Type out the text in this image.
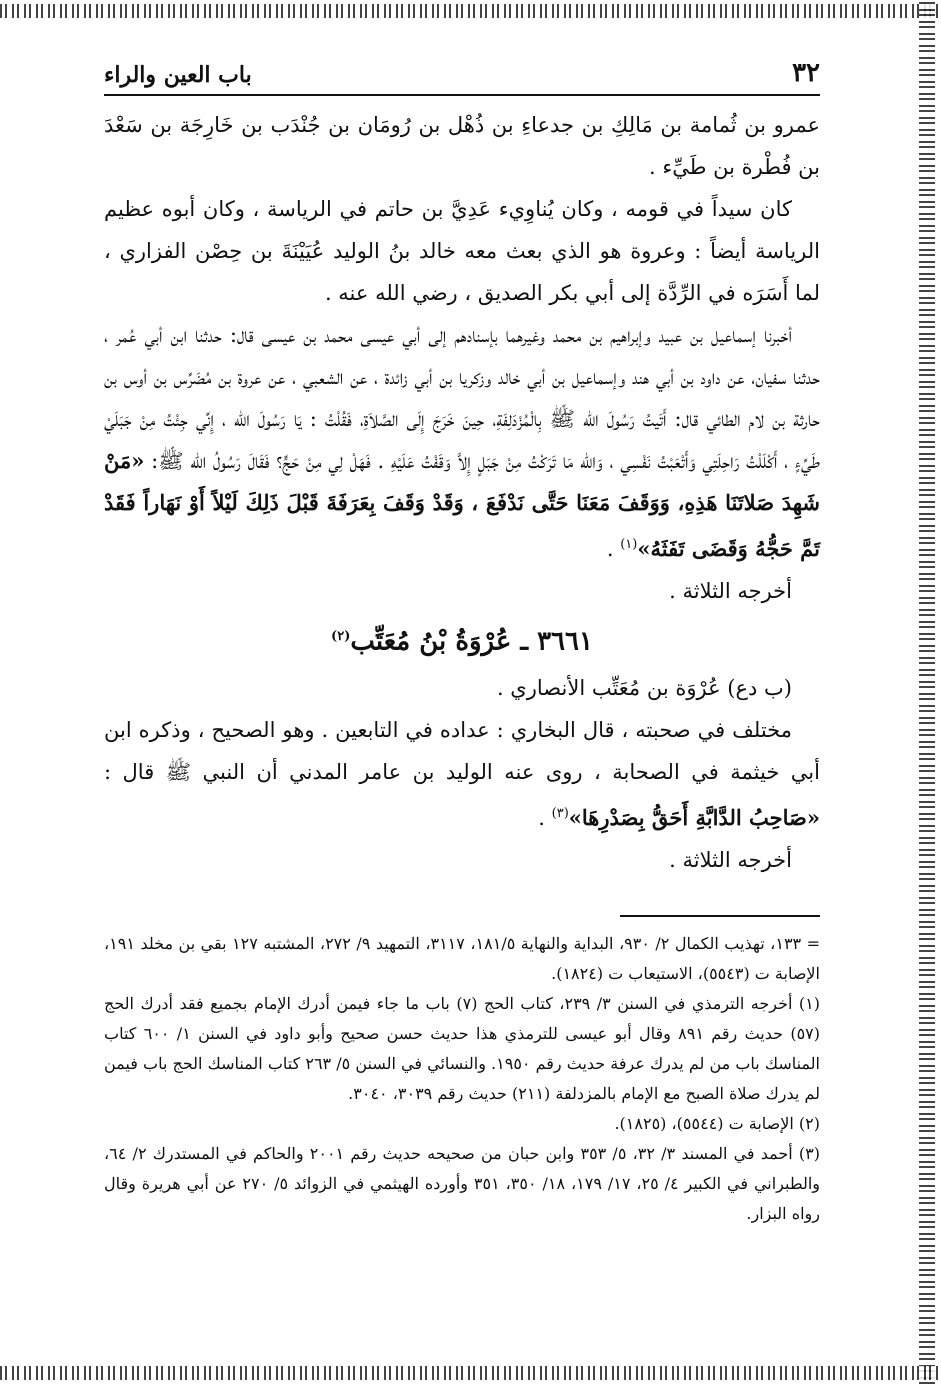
٣٢
باب العين والراء

عمرو بن ثُمامة بن مَالِكِ بن جدعاءِ بن ذُهْل بن رُومَان بن جُنْدَب بن خَارِجَة بن سَعْدَ بن فُطْرة بن طَيِّء .

كان سيداً في قومه ، وكان يُناوِيء عَدِيَّ بن حاتم في الرياسة ، وكان أبوه عظيم الرياسة أيضاً : وعروة هو الذي بعث معه خالد بنُ الوليد عُيَيْنَةَ بن حِصْن الفزاري ، لما أَسَرَه في الرِّدَّة إلى أبي بكر الصديق ، رضي الله عنه .

أخبرنا إسماعيل بن عبيد وإبراهيم بن محمد وغيرهما بإسنادهم إلى أبي عيسى محمد بن عيسى قال: حدثنا ابن أبي عُمر ، حدثنا سفيان، عن داود بن أبي هند وإسماعيل بن أبي خالد وزكريا بن أبي زائدة ، عن الشعبي ، عن عروة بن مُضَرِّس بن أوس بن حارثة بن لام الطائي قال: أَتَيتُ رَسُولَ الله ﷺ بِالْمُزْدَلِفَةِ، حِينَ خَرَجَ إِلَى الصَّلاَةِ، فَقُلْتُ : يَا رَسُولَ الله ، إِنِّي جِئْتُ مِنْ جَبَلَيْ طَيِّءٍ ، أَكْلَلْتُ رَاحِلَتِي وَأَتْعَبْتُ نَفْسِي ، وَالله مَا تَرَكْتُ مِنْ جَبَلٍ إِلاَّ وَقَفْتُ عَلَيْهِ . فَهَلْ لِي مِنْ حَجٍّ؟ فَقَالَ رَسُولُ الله ﷺ: «مَنْ شَهِدَ صَلاتَنَا هَذِهِ، وَوَقَفَ مَعَنَا حَتَّى نَدْفَعَ ، وَقَدْ وَقَفَ بِعَرَفَةَ قَبْلَ ذَلِكَ لَيْلاً أَوْ نَهَاراً فَقَدْ تَمَّ حَجُّهُ وَقَضَى تَفَثَهُ»$^{(١)}$ .

أخرجه الثلاثة .

٣٦٦١ ـ عُرْوَةُ بْنُ مُعَتِّب$^{(٢)}$

(ب دع) عُرْوَة بن مُعَتِّب الأنصاري .

مختلف في صحبته ، قال البخاري : عداده في التابعين . وهو الصحيح ، وذكره ابن أبي خيثمة في الصحابة ، روى عنه الوليد بن عامر المدني أن النبي ﷺ قال : «صَاحِبُ الدَّابَّةِ أَحَقُّ بِصَدْرِهَا»$^{(٣)}$ .

أخرجه الثلاثة .

= ١٣٣، تهذيب الكمال ٢/ ٩٣٠، البداية والنهاية ١٨١/٥، ٣١١٧، التمهيد ٩/ ٢٧٢، المشتبه ١٢٧ بقي بن مخلد ١٩١، الإصابة ت (٥٥٤٣)، الاستيعاب ت (١٨٢٤).

(١) أخرجه الترمذي في السنن ٣/ ٢٣٩، كتاب الحج (٧) باب ما جاء فيمن أدرك الإمام بجميع فقد أدرك الحج (٥٧) حديث رقم ٨٩١ وقال أبو عيسى للترمذي هذا حديث حسن صحيح وأبو داود في السنن ١/ ٦٠٠ كتاب المناسك باب من لم يدرك عرفة حديث رقم ١٩٥٠. والنسائي في السنن ٥/ ٢٦٣ كتاب المناسك الحج باب فيمن لم يدرك صلاة الصبح مع الإمام بالمزدلفة (٢١١) حديث رقم ٣٠٣٩، ٣٠٤٠.

(٢) الإصابة ت (٥٥٤٤)، (١٨٢٥).

(٣) أحمد في المسند ٣/ ٣٢، ٥/ ٣٥٣ وابن حبان من صحيحه حديث رقم ٢٠٠١ والحاكم في المستدرك ٢/ ٦٤، والطبراني في الكبير ٤/ ٢٥، ١٧/ ١٧٩، ١٨/ ٣٥٠، ٣٥١ وأورده الهيثمي في الزوائد ٥/ ٢٧٠ عن أبي هريرة وقال رواه البزار.
